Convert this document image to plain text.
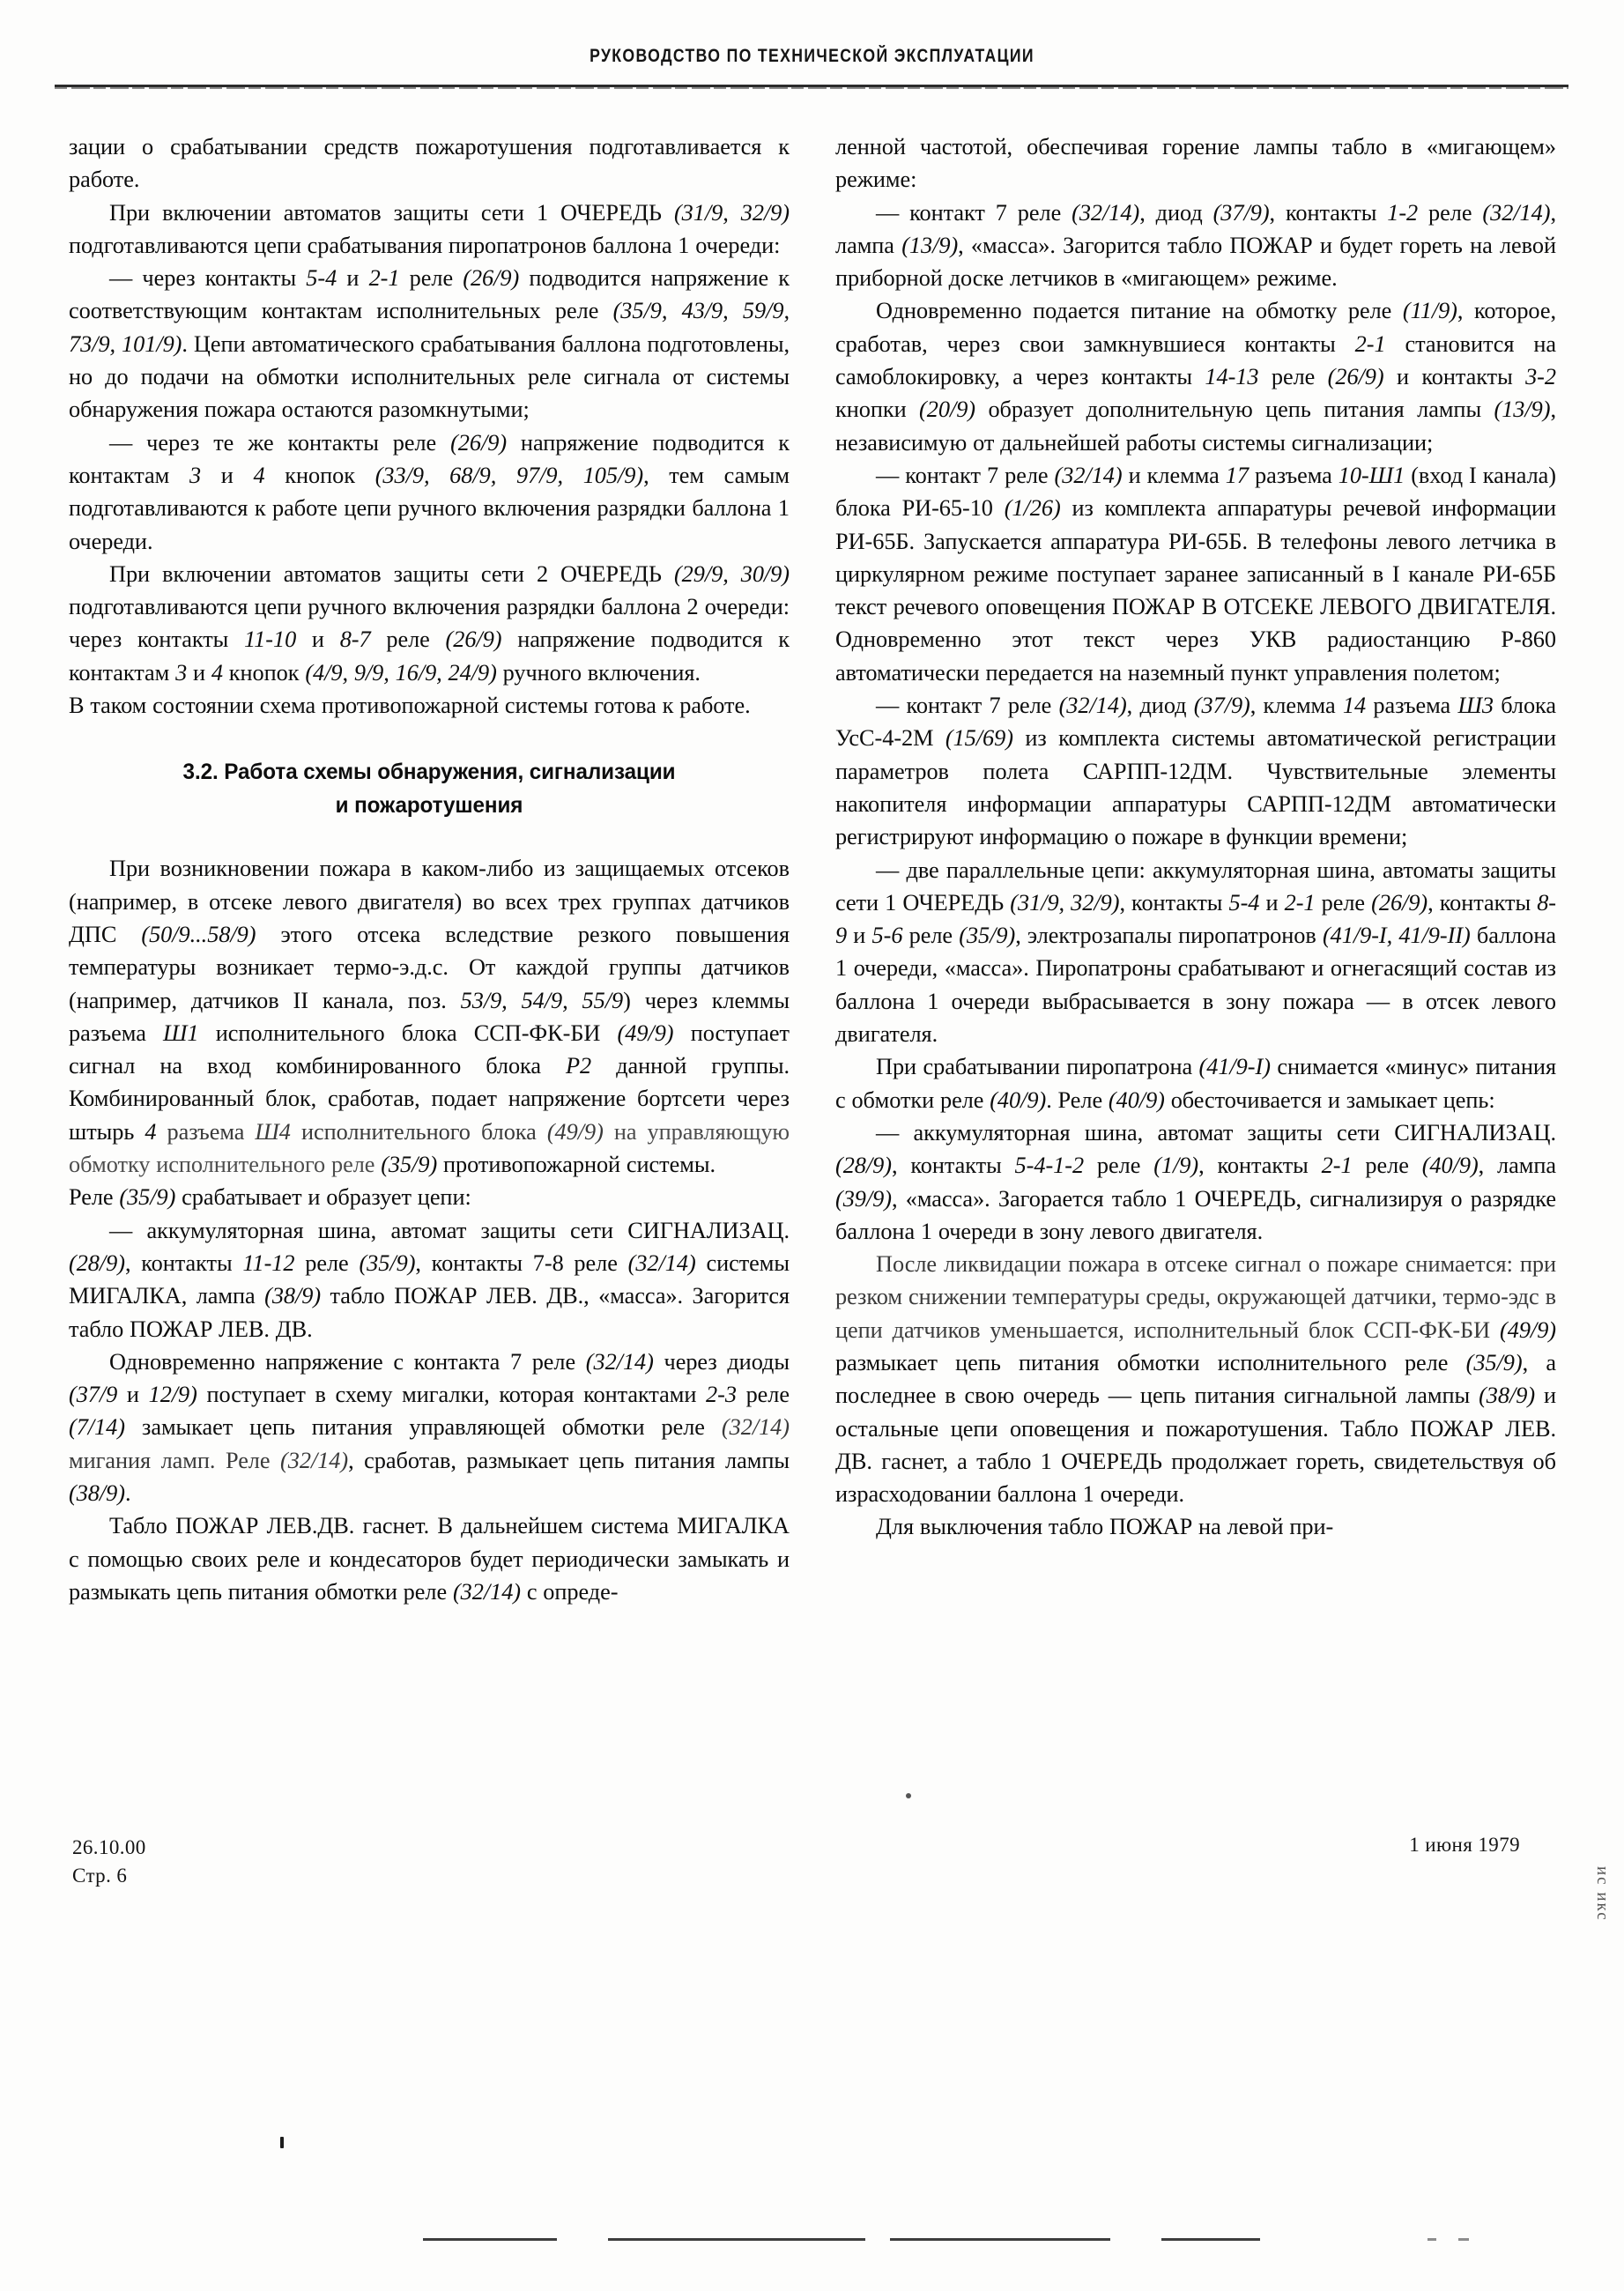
РУКОВОДСТВО ПО ТЕХНИЧЕСКОЙ ЭКСПЛУАТАЦИИ

зации о срабатывании средств пожаротушения подготавливается к работе.

При включении автоматов защиты сети 1 ОЧЕРЕДЬ (31/9, 32/9) подготавливаются цепи срабатывания пиропатронов баллона 1 очереди:

— через контакты 5-4 и 2-1 реле (26/9) подводится напряжение к соответствующим контактам исполнительных реле (35/9, 43/9, 59/9, 73/9, 101/9). Цепи автоматического срабатывания баллона подготовлены, но до подачи на обмотки исполнительных реле сигнала от системы обнаружения пожара остаются разомкнутыми;

— через те же контакты реле (26/9) напряжение подводится к контактам 3 и 4 кнопок (33/9, 68/9, 97/9, 105/9), тем самым подготавливаются к работе цепи ручного включения разрядки баллона 1 очереди.

При включении автоматов защиты сети 2 ОЧЕРЕДЬ (29/9, 30/9) подготавливаются цепи ручного включения разрядки баллона 2 очереди: через контакты 11-10 и 8-7 реле (26/9) напряжение подводится к контактам 3 и 4 кнопок (4/9, 9/9, 16/9, 24/9) ручного включения.

В таком состоянии схема противопожарной системы готова к работе.

3.2. Работа схемы обнаружения, сигнализации
и пожаротушения

При возникновении пожара в каком-либо из защищаемых отсеков (например, в отсеке левого двигателя) во всех трех группах датчиков ДПС (50/9...58/9) этого отсека вследствие резкого повышения температуры возникает термо-э.д.с. От каждой группы датчиков (например, датчиков II канала, поз. 53/9, 54/9, 55/9) через клеммы разъема Ш1 исполнительного блока ССП-ФК-БИ (49/9) поступает сигнал на вход комбинированного блока Р2 данной группы. Комбинированный блок, сработав, подает напряжение бортсети через штырь 4 разъема Ш4 исполнительного блока (49/9) на управляющую обмотку исполнительного реле (35/9) противопожарной системы.

Реле (35/9) срабатывает и образует цепи:

— аккумуляторная шина, автомат защиты сети СИГНАЛИЗАЦ. (28/9), контакты 11-12 реле (35/9), контакты 7-8 реле (32/14) системы МИГАЛКА, лампа (38/9) табло ПОЖАР ЛЕВ. ДВ., «масса». Загорится табло ПОЖАР ЛЕВ. ДВ.

Одновременно напряжение с контакта 7 реле (32/14) через диоды (37/9 и 12/9) поступает в схему мигалки, которая контактами 2-3 реле (7/14) замыкает цепь питания управляющей обмотки реле (32/14) мигания ламп. Реле (32/14), сработав, размыкает цепь питания лампы (38/9).

Табло ПОЖАР ЛЕВ.ДВ. гаснет. В дальнейшем система МИГАЛКА с помощью своих реле и кондесаторов будет периодически замыкать и размыкать цепь питания обмотки реле (32/14) с опреде-

ленной частотой, обеспечивая горение лампы табло в «мигающем» режиме:

— контакт 7 реле (32/14), диод (37/9), контакты 1-2 реле (32/14), лампа (13/9), «масса». Загорится табло ПОЖАР и будет гореть на левой приборной доске летчиков в «мигающем» режиме.

Одновременно подается питание на обмотку реле (11/9), которое, сработав, через свои замкнувшиеся контакты 2-1 становится на самоблокировку, а через контакты 14-13 реле (26/9) и контакты 3-2 кнопки (20/9) образует дополнительную цепь питания лампы (13/9), независимую от дальнейшей работы системы сигнализации;

— контакт 7 реле (32/14) и клемма 17 разъема 10-Ш1 (вход I канала) блока РИ-65-10 (1/26) из комплекта аппаратуры речевой информации РИ-65Б. Запускается аппаратура РИ-65Б. В телефоны левого летчика в циркулярном режиме поступает заранее записанный в I канале РИ-65Б текст речевого оповещения ПОЖАР В ОТСЕКЕ ЛЕВОГО ДВИГАТЕЛЯ. Одновременно этот текст через УКВ радиостанцию Р-860 автоматически передается на наземный пункт управления полетом;

— контакт 7 реле (32/14), диод (37/9), клемма 14 разъема Ш3 блока УсС-4-2М (15/69) из комплекта системы автоматической регистрации параметров полета САРПП-12ДМ. Чувствительные элементы накопителя информации аппаратуры САРПП-12ДМ автоматически регистрируют информацию о пожаре в функции времени;

— две параллельные цепи: аккумуляторная шина, автоматы защиты сети 1 ОЧЕРЕДЬ (31/9, 32/9), контакты 5-4 и 2-1 реле (26/9), контакты 8-9 и 5-6 реле (35/9), электрозапалы пиропатронов (41/9-I, 41/9-II) баллона 1 очереди, «масса». Пиропатроны срабатывают и огнегасящий состав из баллона 1 очереди выбрасывается в зону пожара — в отсек левого двигателя.

При срабатывании пиропатрона (41/9-I) снимается «минус» питания с обмотки реле (40/9). Реле (40/9) обесточивается и замыкает цепь:

— аккумуляторная шина, автомат защиты сети СИГНАЛИЗАЦ. (28/9), контакты 5-4-1-2 реле (1/9), контакты 2-1 реле (40/9), лампа (39/9), «масса». Загорается табло 1 ОЧЕРЕДЬ, сигнализируя о разрядке баллона 1 очереди в зону левого двигателя.

После ликвидации пожара в отсеке сигнал о пожаре снимается: при резком снижении температуры среды, окружающей датчики, термо-эдс в цепи датчиков уменьшается, исполнительный блок ССП-ФК-БИ (49/9) размыкает цепь питания обмотки исполнительного реле (35/9), а последнее в свою очередь — цепь питания сигнальной лампы (38/9) и остальные цепи оповещения и пожаротушения. Табло ПОЖАР ЛЕВ. ДВ. гаснет, а табло 1 ОЧЕРЕДЬ продолжает гореть, свидетельствуя об израсходовании баллона 1 очереди.

Для выключения табло ПОЖАР на левой при-

26.10.00
Стр. 6
1 июня 1979
ис икс
